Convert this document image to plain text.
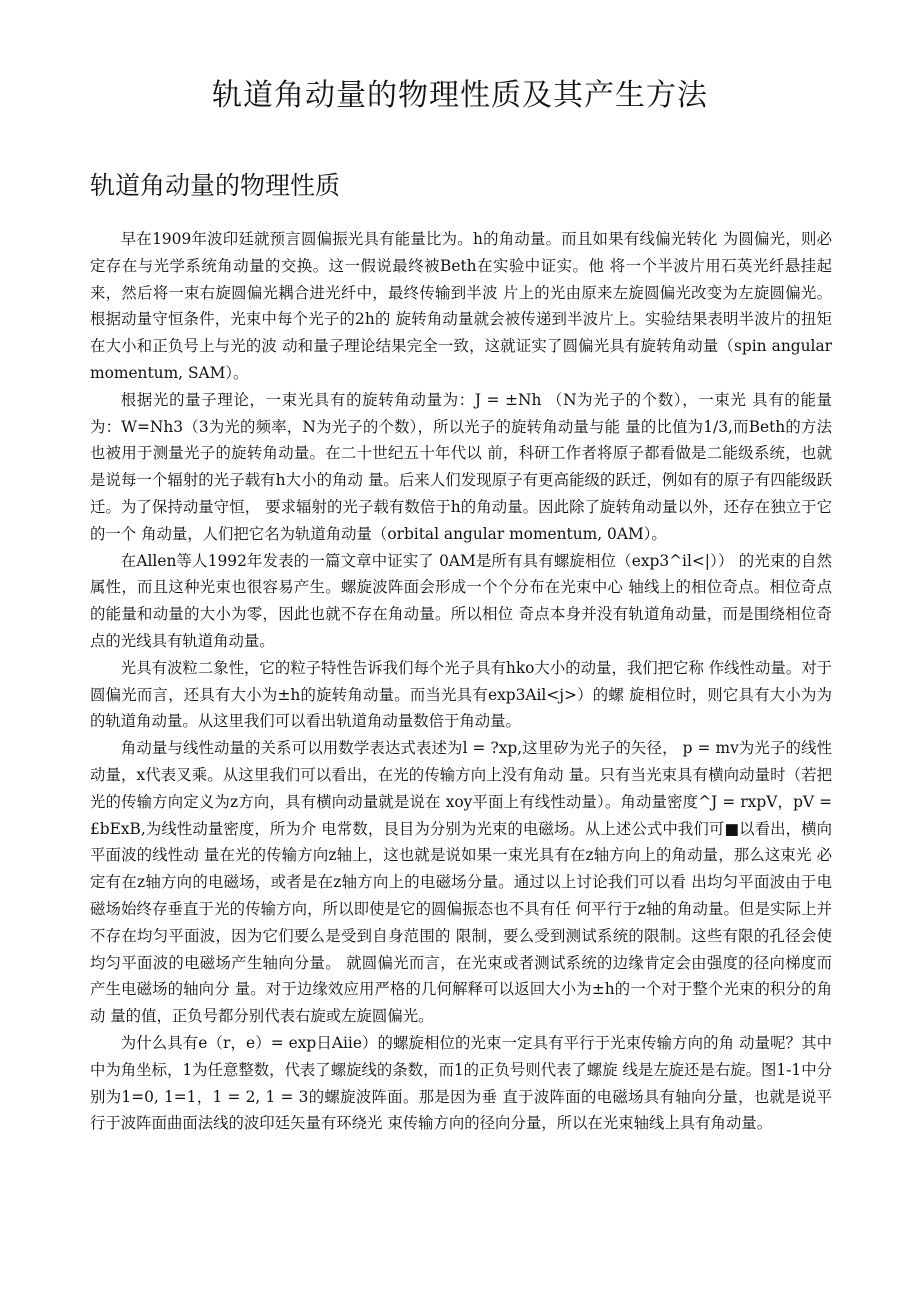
轨道角动量的物理性质及其产生方法
轨道角动量的物理性质

早在1909年波印廷就预言圆偏振光具有能量比为。h的角动量。而且如果有线偏光转化 为圆偏光，则必定存在与光学系统角动量的交换。这一假说最终被Beth在实验中证实。他 将一个半波片用石英光纤悬挂起来，然后将一束右旋圆偏光耦合进光纤中，最终传输到半波 片上的光由原来左旋圆偏光改变为左旋圆偏光。根据动量守恒条件，光束中每个光子的2h的 旋转角动量就会被传递到半波片上。实验结果表明半波片的扭矩在大小和正负号上与光的波 动和量子理论结果完全一致，这就证实了圆偏光具有旋转角动量（spin angular momentum, SAM）。

根据光的量子理论，一束光具有的旋转角动量为：J = ±Nh （N为光子的个数），一束光 具有的能量为：W=Nh3（3为光的频率，N为光子的个数），所以光子的旋转角动量与能 量的比值为1/3,而Beth的方法也被用于测量光子的旋转角动量。在二十世纪五十年代以 前，科研工作者将原子都看做是二能级系统，也就是说每一个辐射的光子载有h大小的角动 量。后来人们发现原子有更高能级的跃迁，例如有的原子有四能级跃迁。为了保持动量守恒， 要求辐射的光子载有数倍于h的角动量。因此除了旋转角动量以外，还存在独立于它的一个 角动量，人们把它名为轨道角动量（orbital angular momentum, 0AM）。

在Allen等人1992年发表的一篇文章中证实了 0AM是所有具有螺旋相位（exp3^il<|）） 的光束的自然属性，而且这种光束也很容易产生。螺旋波阵面会形成一个个分布在光束中心 轴线上的相位奇点。相位奇点的能量和动量的大小为零，因此也就不存在角动量。所以相位 奇点本身并没有轨道角动量，而是围绕相位奇点的光线具有轨道角动量。

光具有波粒二象性，它的粒子特性告诉我们每个光子具有hko大小的动量，我们把它称 作线性动量。对于圆偏光而言，还具有大小为±h的旋转角动量。而当光具有exp3Ail<j>）的螺 旋相位时，则它具有大小为为的轨道角动量。从这里我们可以看出轨道角动量数倍于角动量。

角动量与线性动量的关系可以用数学表达式表述为l = ?xp,这里矽为光子的矢径， p = mv为光子的线性动量，x代表叉乘。从这里我们可以看出，在光的传输方向上没有角动 量。只有当光束具有横向动量时（若把光的传输方向定义为z方向，具有横向动量就是说在 xoy平面上有线性动量）。角动量密度^J = rxpV，pV = £bExB,为线性动量密度，所为介 电常数，艮目为分别为光束的电磁场。从上述公式中我们可■以看出，横向平面波的线性动 量在光的传输方向z轴上，这也就是说如果一束光具有在z轴方向上的角动量，那么这束光 必定有在z轴方向的电磁场，或者是在z轴方向上的电磁场分量。通过以上讨论我们可以看 出均匀平面波由于电磁场始终存垂直于光的传输方向，所以即使是它的圆偏振态也不具有任 何平行于z轴的角动量。但是实际上并不存在均匀平面波，因为它们要么是受到自身范围的 限制，要么受到测试系统的限制。这些有限的孔径会使均匀平面波的电磁场产生轴向分量。 就圆偏光而言，在光束或者测试系统的边缘肯定会由强度的径向梯度而产生电磁场的轴向分 量。对于边缘效应用严格的几何解释可以返回大小为±h的一个对于整个光束的积分的角动 量的值，正负号都分别代表右旋或左旋圆偏光。

为什么具有e（r，e）= exp日Aiie）的螺旋相位的光束一定具有平行于光束传输方向的角 动量呢？其中中为角坐标，1为任意整数，代表了螺旋线的条数，而1的正负号则代表了螺旋 线是左旋还是右旋。图1-1中分别为1=0, 1=1，1 = 2, 1 = 3的螺旋波阵面。那是因为垂 直于波阵面的电磁场具有轴向分量，也就是说平行于波阵面曲面法线的波印廷矢量有环绕光 束传输方向的径向分量，所以在光束轴线上具有角动量。
